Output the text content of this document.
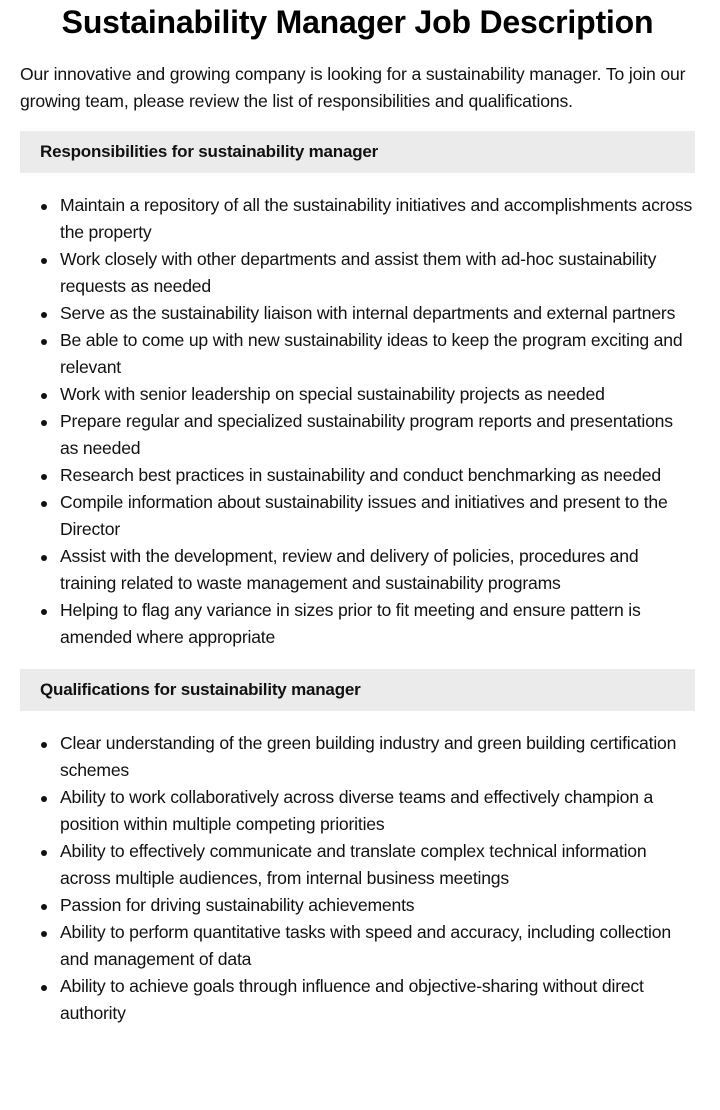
Sustainability Manager Job Description

Our innovative and growing company is looking for a sustainability manager. To join our growing team, please review the list of responsibilities and qualifications.

Responsibilities for sustainability manager
Maintain a repository of all the sustainability initiatives and accomplishments across the property
Work closely with other departments and assist them with ad-hoc sustainability requests as needed
Serve as the sustainability liaison with internal departments and external partners
Be able to come up with new sustainability ideas to keep the program exciting and relevant
Work with senior leadership on special sustainability projects as needed
Prepare regular and specialized sustainability program reports and presentations as needed
Research best practices in sustainability and conduct benchmarking as needed
Compile information about sustainability issues and initiatives and present to the Director
Assist with the development, review and delivery of policies, procedures and training related to waste management and sustainability programs
Helping to flag any variance in sizes prior to fit meeting and ensure pattern is amended where appropriate
Qualifications for sustainability manager
Clear understanding of the green building industry and green building certification schemes
Ability to work collaboratively across diverse teams and effectively champion a position within multiple competing priorities
Ability to effectively communicate and translate complex technical information across multiple audiences, from internal business meetings
Passion for driving sustainability achievements
Ability to perform quantitative tasks with speed and accuracy, including collection and management of data
Ability to achieve goals through influence and objective-sharing without direct authority
